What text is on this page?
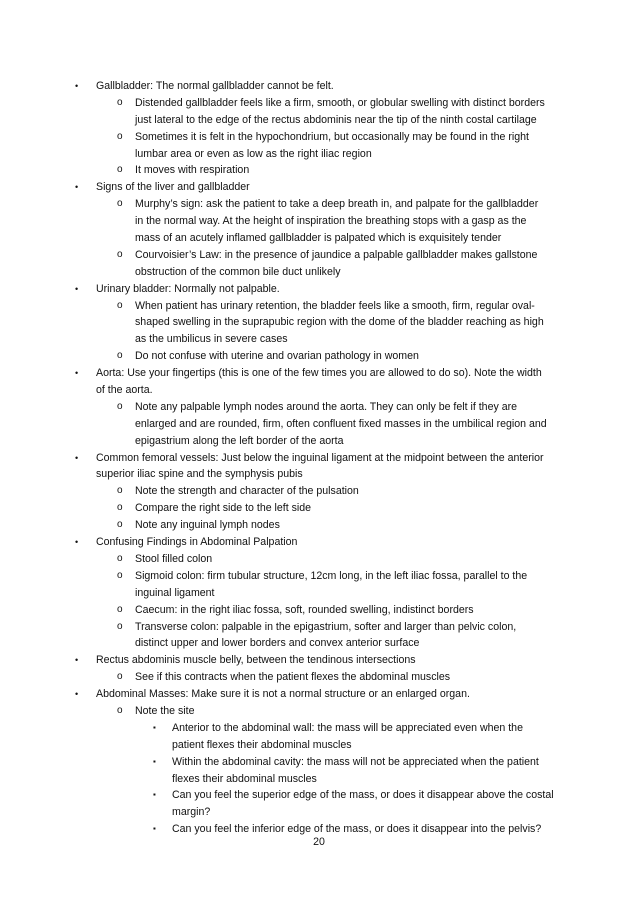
• Gallbladder: The normal gallbladder cannot be felt.
o Distended gallbladder feels like a firm, smooth, or globular swelling with distinct borders
just lateral to the edge of the rectus abdominis near the tip of the ninth costal cartilage
o Sometimes it is felt in the hypochondrium, but occasionally may be found in the right
lumbar area or even as low as the right iliac region
o It moves with respiration
• Signs of the liver and gallbladder
o Murphy’s sign: ask the patient to take a deep breath in, and palpate for the gallbladder
in the normal way. At the height of inspiration the breathing stops with a gasp as the
mass of an acutely inflamed gallbladder is palpated which is exquisitely tender
o Courvoisier’s Law: in the presence of jaundice a palpable gallbladder makes gallstone
obstruction of the common bile duct unlikely
• Urinary bladder: Normally not palpable.
o When patient has urinary retention, the bladder feels like a smooth, firm, regular oval-
shaped swelling in the suprapubic region with the dome of the bladder reaching as high
as the umbilicus in severe cases
o Do not confuse with uterine and ovarian pathology in women
• Aorta: Use your fingertips (this is one of the few times you are allowed to do so). Note the width
of the aorta.
o Note any palpable lymph nodes around the aorta. They can only be felt if they are
enlarged and are rounded, firm, often confluent fixed masses in the umbilical region and
epigastrium along the left border of the aorta
• Common femoral vessels: Just below the inguinal ligament at the midpoint between the anterior
superior iliac spine and the symphysis pubis
o Note the strength and character of the pulsation
o Compare the right side to the left side
o Note any inguinal lymph nodes
• Confusing Findings in Abdominal Palpation
o Stool filled colon
o Sigmoid colon: firm tubular structure, 12cm long, in the left iliac fossa, parallel to the
inguinal ligament
o Caecum: in the right iliac fossa, soft, rounded swelling, indistinct borders
o Transverse colon: palpable in the epigastrium, softer and larger than pelvic colon,
distinct upper and lower borders and convex anterior surface
• Rectus abdominis muscle belly, between the tendinous intersections
o See if this contracts when the patient flexes the abdominal muscles
• Abdominal Masses: Make sure it is not a normal structure or an enlarged organ.
o Note the site
▪ Anterior to the abdominal wall: the mass will be appreciated even when the
patient flexes their abdominal muscles
▪ Within the abdominal cavity: the mass will not be appreciated when the patient
flexes their abdominal muscles
▪ Can you feel the superior edge of the mass, or does it disappear above the costal
margin?
▪ Can you feel the inferior edge of the mass, or does it disappear into the pelvis?
20
